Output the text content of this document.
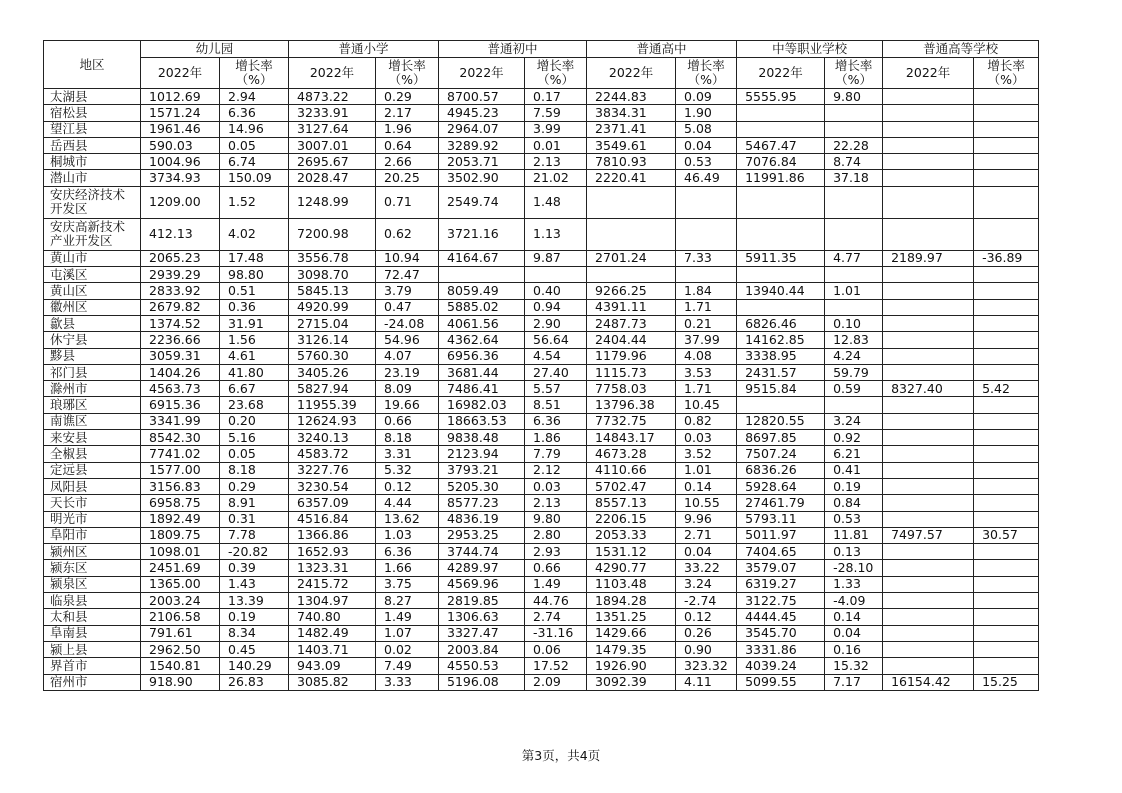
地区	幼儿园		普通小学		普通初中		普通高中		中等职业学校		普通高等学校	
	2022年	增长率（%）	2022年	增长率（%）	2022年	增长率（%）	2022年	增长率（%）	2022年	增长率（%）	2022年	增长率（%）
太湖县	1012.69	2.94	4873.22	0.29	8700.57	0.17	2244.83	0.09	5555.95	9.80		
宿松县	1571.24	6.36	3233.91	2.17	4945.23	7.59	3834.31	1.90				
望江县	1961.46	14.96	3127.64	1.96	2964.07	3.99	2371.41	5.08				
岳西县	590.03	0.05	3007.01	0.64	3289.92	0.01	3549.61	0.04	5467.47	22.28		
桐城市	1004.96	6.74	2695.67	2.66	2053.71	2.13	7810.93	0.53	7076.84	8.74		
潜山市	3734.93	150.09	2028.47	20.25	3502.90	21.02	2220.41	46.49	11991.86	37.18		
安庆经济技术开发区	1209.00	1.52	1248.99	0.71	2549.74	1.48						
安庆高新技术产业开发区	412.13	4.02	7200.98	0.62	3721.16	1.13						
黄山市	2065.23	17.48	3556.78	10.94	4164.67	9.87	2701.24	7.33	5911.35	4.77	2189.97	-36.89
屯溪区	2939.29	98.80	3098.70	72.47								
黄山区	2833.92	0.51	5845.13	3.79	8059.49	0.40	9266.25	1.84	13940.44	1.01		
徽州区	2679.82	0.36	4920.99	0.47	5885.02	0.94	4391.11	1.71				
歙县	1374.52	31.91	2715.04	-24.08	4061.56	2.90	2487.73	0.21	6826.46	0.10		
休宁县	2236.66	1.56	3126.14	54.96	4362.64	56.64	2404.44	37.99	14162.85	12.83		
黟县	3059.31	4.61	5760.30	4.07	6956.36	4.54	1179.96	4.08	3338.95	4.24		
祁门县	1404.26	41.80	3405.26	23.19	3681.44	27.40	1115.73	3.53	2431.57	59.79		
滁州市	4563.73	6.67	5827.94	8.09	7486.41	5.57	7758.03	1.71	9515.84	0.59	8327.40	5.42
琅琊区	6915.36	23.68	11955.39	19.66	16982.03	8.51	13796.38	10.45				
南谯区	3341.99	0.20	12624.93	0.66	18663.53	6.36	7732.75	0.82	12820.55	3.24		
来安县	8542.30	5.16	3240.13	8.18	9838.48	1.86	14843.17	0.03	8697.85	0.92		
全椒县	7741.02	0.05	4583.72	3.31	2123.94	7.79	4673.28	3.52	7507.24	6.21		
定远县	1577.00	8.18	3227.76	5.32	3793.21	2.12	4110.66	1.01	6836.26	0.41		
凤阳县	3156.83	0.29	3230.54	0.12	5205.30	0.03	5702.47	0.14	5928.64	0.19		
天长市	6958.75	8.91	6357.09	4.44	8577.23	2.13	8557.13	10.55	27461.79	0.84		
明光市	1892.49	0.31	4516.84	13.62	4836.19	9.80	2206.15	9.96	5793.11	0.53		
阜阳市	1809.75	7.78	1366.86	1.03	2953.25	2.80	2053.33	2.71	5011.97	11.81	7497.57	30.57
颍州区	1098.01	-20.82	1652.93	6.36	3744.74	2.93	1531.12	0.04	7404.65	0.13		
颍东区	2451.69	0.39	1323.31	1.66	4289.97	0.66	4290.77	33.22	3579.07	-28.10		
颍泉区	1365.00	1.43	2415.72	3.75	4569.96	1.49	1103.48	3.24	6319.27	1.33		
临泉县	2003.24	13.39	1304.97	8.27	2819.85	44.76	1894.28	-2.74	3122.75	-4.09		
太和县	2106.58	0.19	740.80	1.49	1306.63	2.74	1351.25	0.12	4444.45	0.14		
阜南县	791.61	8.34	1482.49	1.07	3327.47	-31.16	1429.66	0.26	3545.70	0.04		
颍上县	2962.50	0.45	1403.71	0.02	2003.84	0.06	1479.35	0.90	3331.86	0.16		
界首市	1540.81	140.29	943.09	7.49	4550.53	17.52	1926.90	323.32	4039.24	15.32		
宿州市	918.90	26.83	3085.82	3.33	5196.08	2.09	3092.39	4.11	5099.55	7.17	16154.42	15.25
第3页，共4页
